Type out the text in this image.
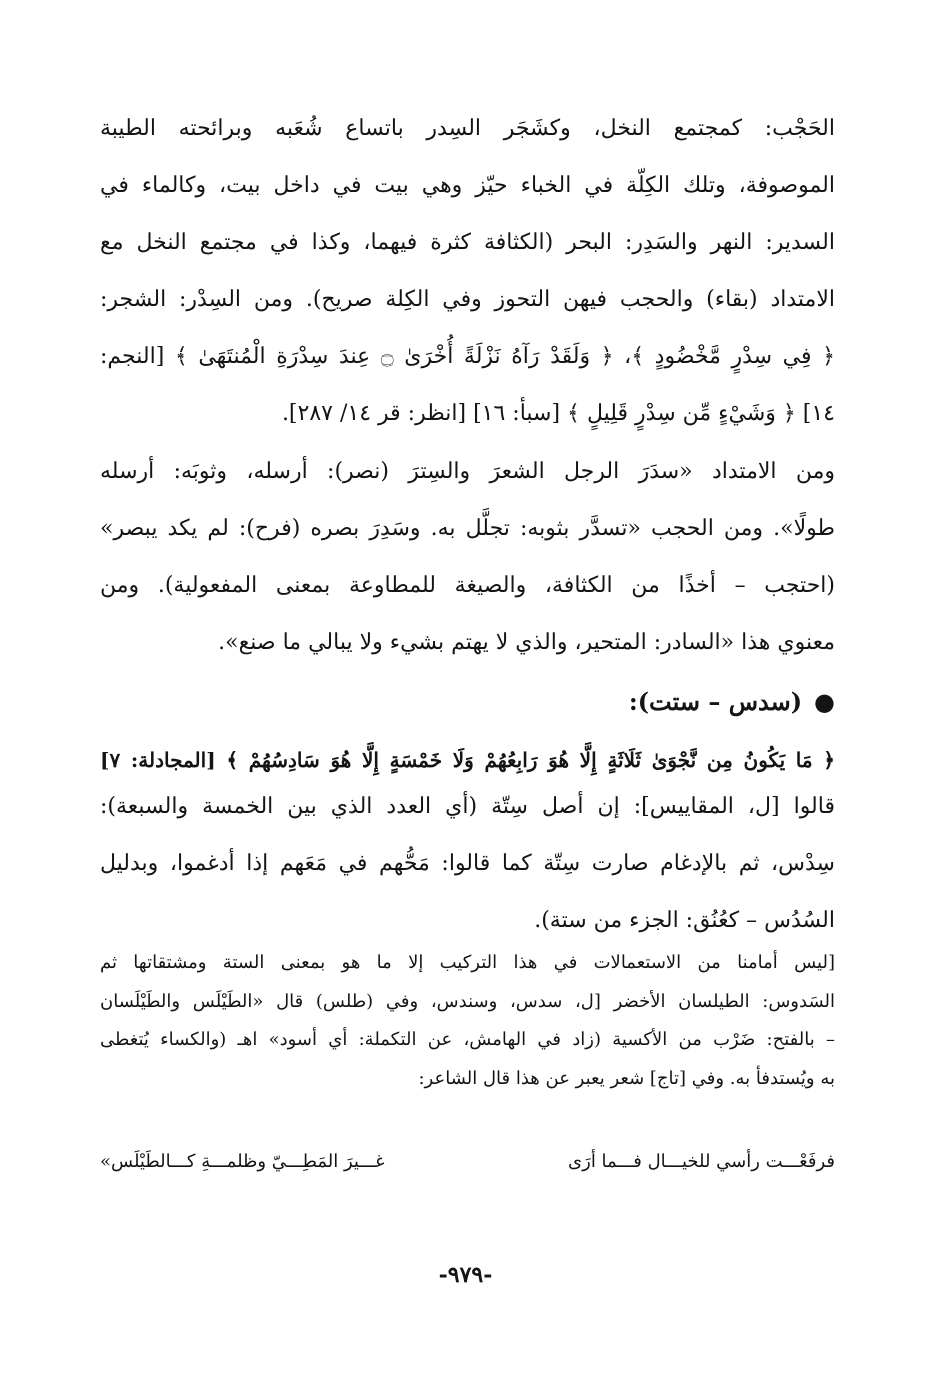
الحَجْب: كمجتمع النخل، وكشَجَر السِدر باتساع شُعَبه وبرائحته الطيبة
الموصوفة، وتلك الكِلّة في الخباء حيّز وهي بيت في داخل بيت، وكالماء في
السدير: النهر والسَدِر: البحر (الكثافة كثرة فيهما، وكذا في مجتمع النخل مع
الامتداد (بقاء) والحجب فيهن التحوز وفي الكِلة صريح). ومن السِدْر: الشجر:
﴿ فِي سِدْرٍ مَّخْضُودٍ ﴾، ﴿ وَلَقَدْ رَآهُ نَزْلَةً أُخْرَىٰ ۝ عِندَ سِدْرَةِ الْمُنتَهَىٰ ﴾ [النجم:
١٤] ﴿ وَشَيْءٍ مِّن سِدْرٍ قَلِيلٍ ﴾ [سبأ: ١٦] [انظر: قر ١٤/ ٢٨٧].
ومن الامتداد «سدَرَ الرجل الشعرَ والسِترَ (نصر): أرسله، وثوبَه: أرسله
طولًا». ومن الحجب «تسدَّر بثوبه: تجلَّل به. وسَدِرَ بصره (فرح): لم يكد يبصر»
(احتجب – أخذًا من الكثافة، والصيغة للمطاوعة بمعنى المفعولية). ومن
معنوي هذا «السادر: المتحير، والذي لا يهتم بشيء ولا يبالي ما صنع».
●(سدس – ستت):
﴿ مَا يَكُونُ مِن نَّجْوَىٰ ثَلَاثَةٍ إِلَّا هُوَ رَابِعُهُمْ وَلَا خَمْسَةٍ إِلَّا هُوَ سَادِسُهُمْ ﴾ [المجادلة: ٧]
قالوا [ل، المقاييس]: إن أصل سِتّة (أي العدد الذي بين الخمسة والسبعة):
سِدْس، ثم بالإدغام صارت سِتّة كما قالوا: مَحُّهم في مَعَهم إذا أدغموا، وبدليل
السُدُس – كعُنُق: الجزء من ستة).
[ليس أمامنا من الاستعمالات في هذا التركيب إلا ما هو بمعنى الستة ومشتقاتها ثم
السَدوس: الطيلسان الأخضر [ل، سدس، وسندس، وفي (طلس) قال «الطَيْلَس والطَيْلَسان
– بالفتح: ضَرْب من الأكسية (زاد في الهامش، عن التكملة: أي أسود» اهـ (والكساء يُتغطى
به ويُستدفأ به. وفي [تاج] شعر يعبر عن هذا قال الشاعر:
فرفَعْـــت رأسي للخيـــال فـــما أرَى
غـــيرَ المَطِـــيّ وظلمـــةِ كـــالطَيْلَس»
-٩٧٩-
